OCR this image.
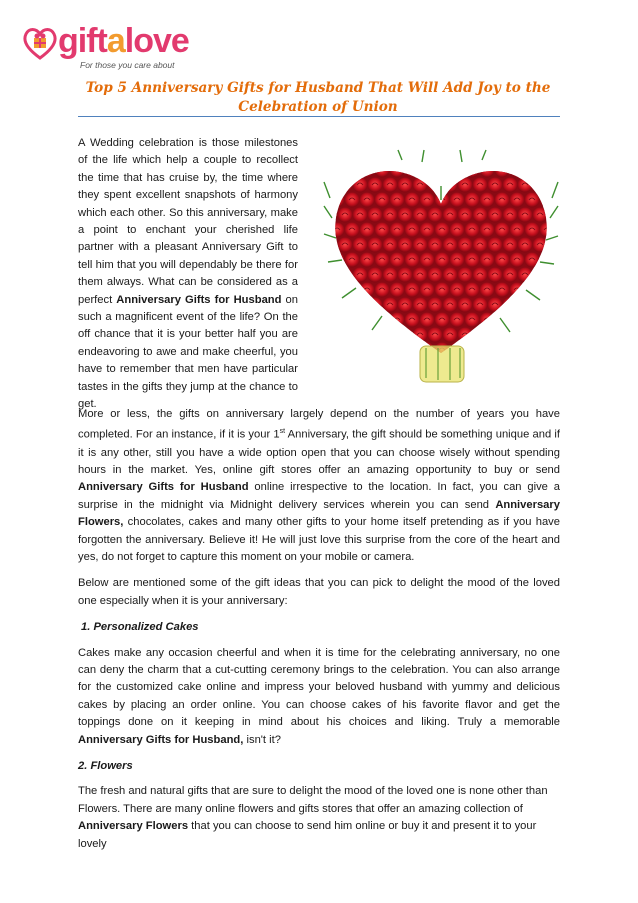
giftalove
For those you care about
Top 5 Anniversary Gifts for Husband That Will Add Joy to the
Celebration of Union

A Wedding celebration is those milestones of the life which help a couple to recollect the time that has cruise by, the time where they spent excellent snapshots of harmony which each other. So this anniversary, make a point to enchant your cherished life partner with a pleasant Anniversary Gift to tell him that you will dependably be there for them always. What can be considered as a perfect Anniversary Gifts for Husband on such a magnificent event of the life? On the off chance that it is your better half you are endeavoring to awe and make cheerful, you have to remember that men have particular tastes in the gifts they jump at the chance to get.

More or less, the gifts on anniversary largely depend on the number of years you have completed. For an instance, if it is your 1st Anniversary, the gift should be something unique and if it is any other, still you have a wide option open that you can choose wisely without spending hours in the market. Yes, online gift stores offer an amazing opportunity to buy or send Anniversary Gifts for Husband online irrespective to the location. In fact, you can give a surprise in the midnight via Midnight delivery services wherein you can send Anniversary Flowers, chocolates, cakes and many other gifts to your home itself pretending as if you have forgotten the anniversary. Believe it! He will just love this surprise from the core of the heart and yes, do not forget to capture this moment on your mobile or camera.

Below are mentioned some of the gift ideas that you can pick to delight the mood of the loved one especially when it is your anniversary:

1. Personalized Cakes

Cakes make any occasion cheerful and when it is time for the celebrating anniversary, no one can deny the charm that a cut-cutting ceremony brings to the celebration. You can also arrange for the customized cake online and impress your beloved husband with yummy and delicious cakes by placing an order online. You can choose cakes of his favorite flavor and get the toppings done on it keeping in mind about his choices and liking. Truly a memorable Anniversary Gifts for Husband, isn't it?

2. Flowers

The fresh and natural gifts that are sure to delight the mood of the loved one is none other than Flowers. There are many online flowers and gifts stores that offer an amazing collection of Anniversary Flowers that you can choose to send him online or buy it and present it to your lovely
